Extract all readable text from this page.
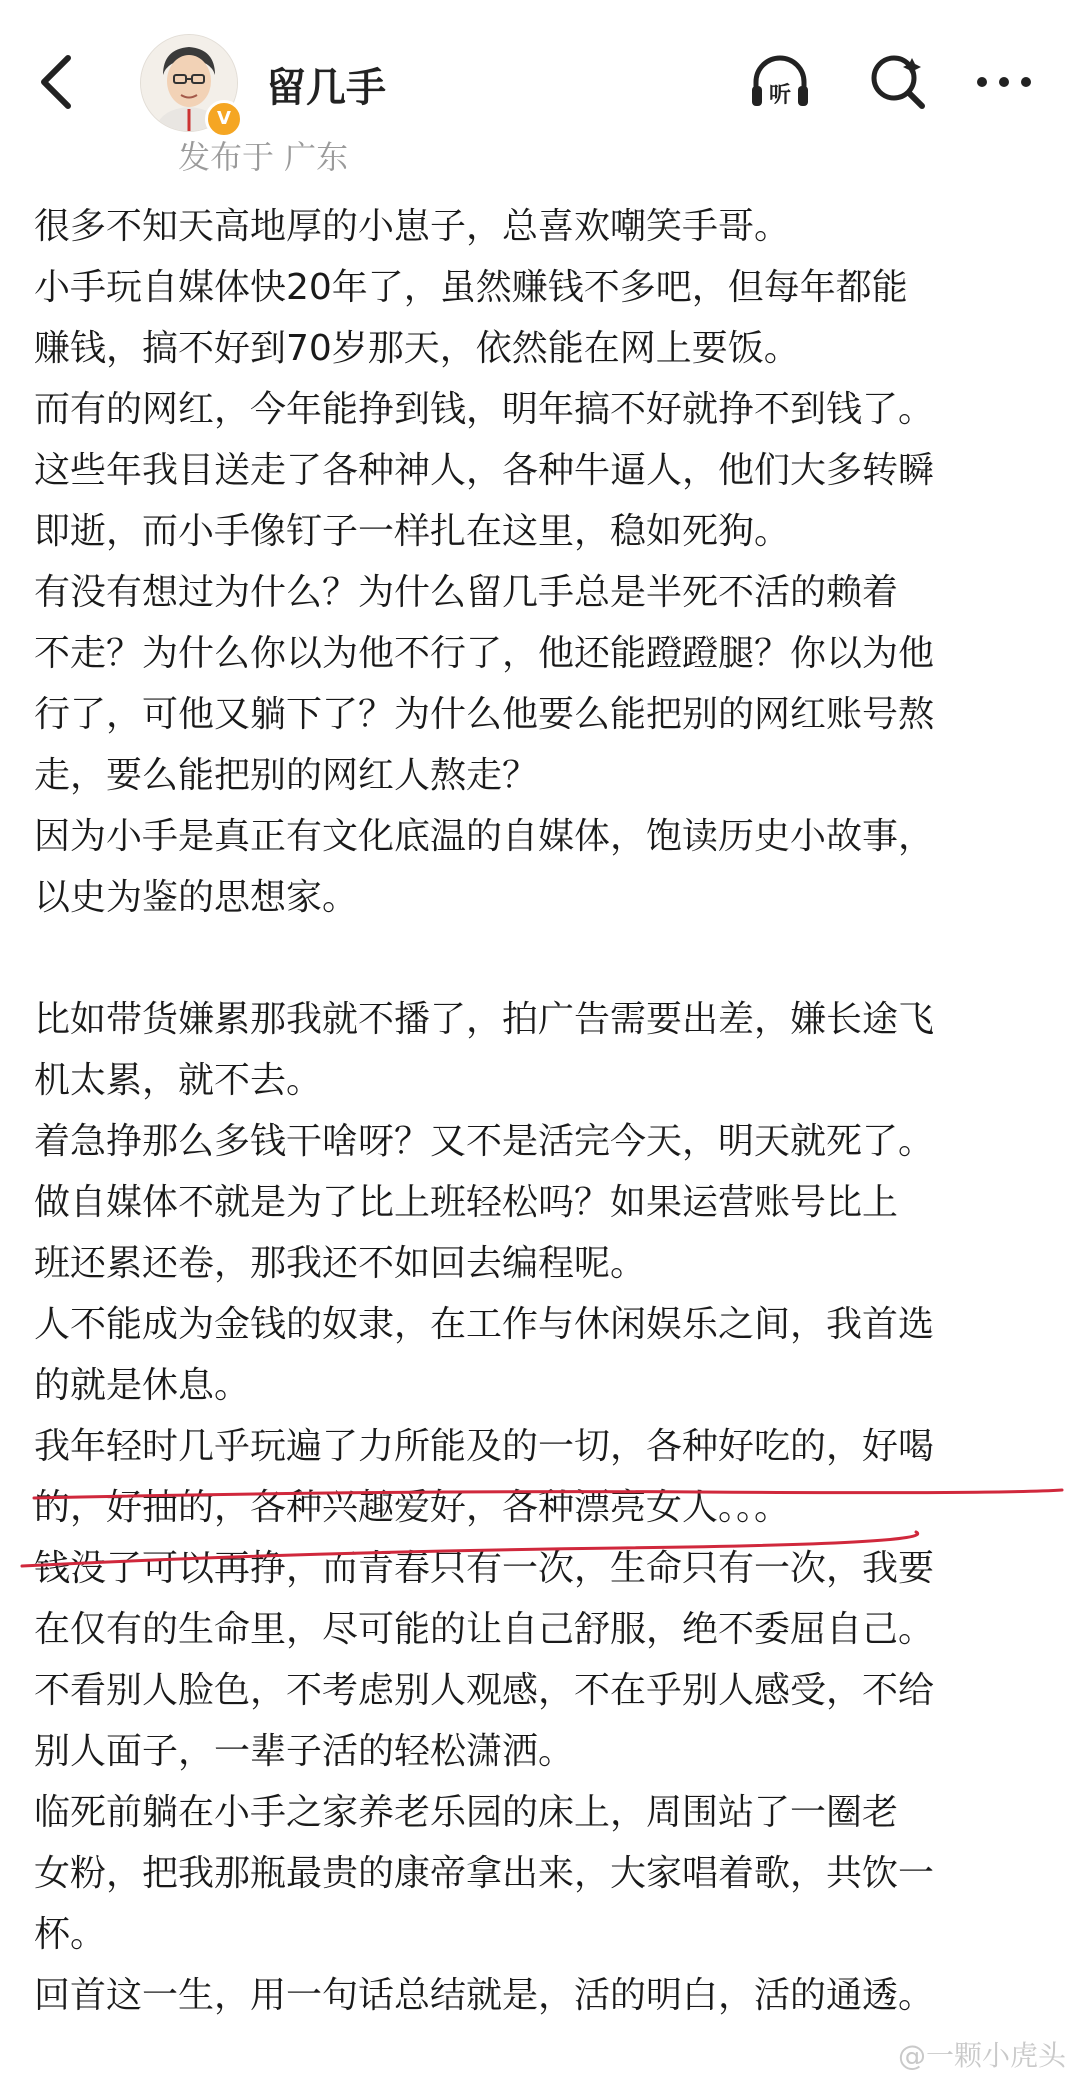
V
留几手
发布于 广东
听
很多不知天高地厚的小崽子，总喜欢嘲笑手哥。
小手玩自媒体快20年了，虽然赚钱不多吧，但每年都能
赚钱，搞不好到70岁那天，依然能在网上要饭。
而有的网红，今年能挣到钱，明年搞不好就挣不到钱了。
这些年我目送走了各种神人，各种牛逼人，他们大多转瞬
即逝，而小手像钉子一样扎在这里，稳如死狗。
有没有想过为什么？为什么留几手总是半死不活的赖着
不走？为什么你以为他不行了，他还能蹬蹬腿？你以为他
行了，可他又躺下了？为什么他要么能把别的网红账号熬
走，要么能把别的网红人熬走？
因为小手是真正有文化底温的自媒体，饱读历史小故事，
以史为鉴的思想家。
比如带货嫌累那我就不播了，拍广告需要出差，嫌长途飞
机太累，就不去。
着急挣那么多钱干啥呀？又不是活完今天，明天就死了。
做自媒体不就是为了比上班轻松吗？如果运营账号比上
班还累还卷，那我还不如回去编程呢。
人不能成为金钱的奴隶，在工作与休闲娱乐之间，我首选
的就是休息。
我年轻时几乎玩遍了力所能及的一切，各种好吃的，好喝
的，好抽的，各种兴趣爱好，各种漂亮女人。。。
钱没了可以再挣，而青春只有一次，生命只有一次，我要
在仅有的生命里，尽可能的让自己舒服，绝不委屈自己。
不看别人脸色，不考虑别人观感，不在乎别人感受，不给
别人面子，一辈子活的轻松潇洒。
临死前躺在小手之家养老乐园的床上，周围站了一圈老
女粉，把我那瓶最贵的康帝拿出来，大家唱着歌，共饮一
杯。
回首这一生，用一句话总结就是，活的明白，活的通透。
@一颗小虎头
